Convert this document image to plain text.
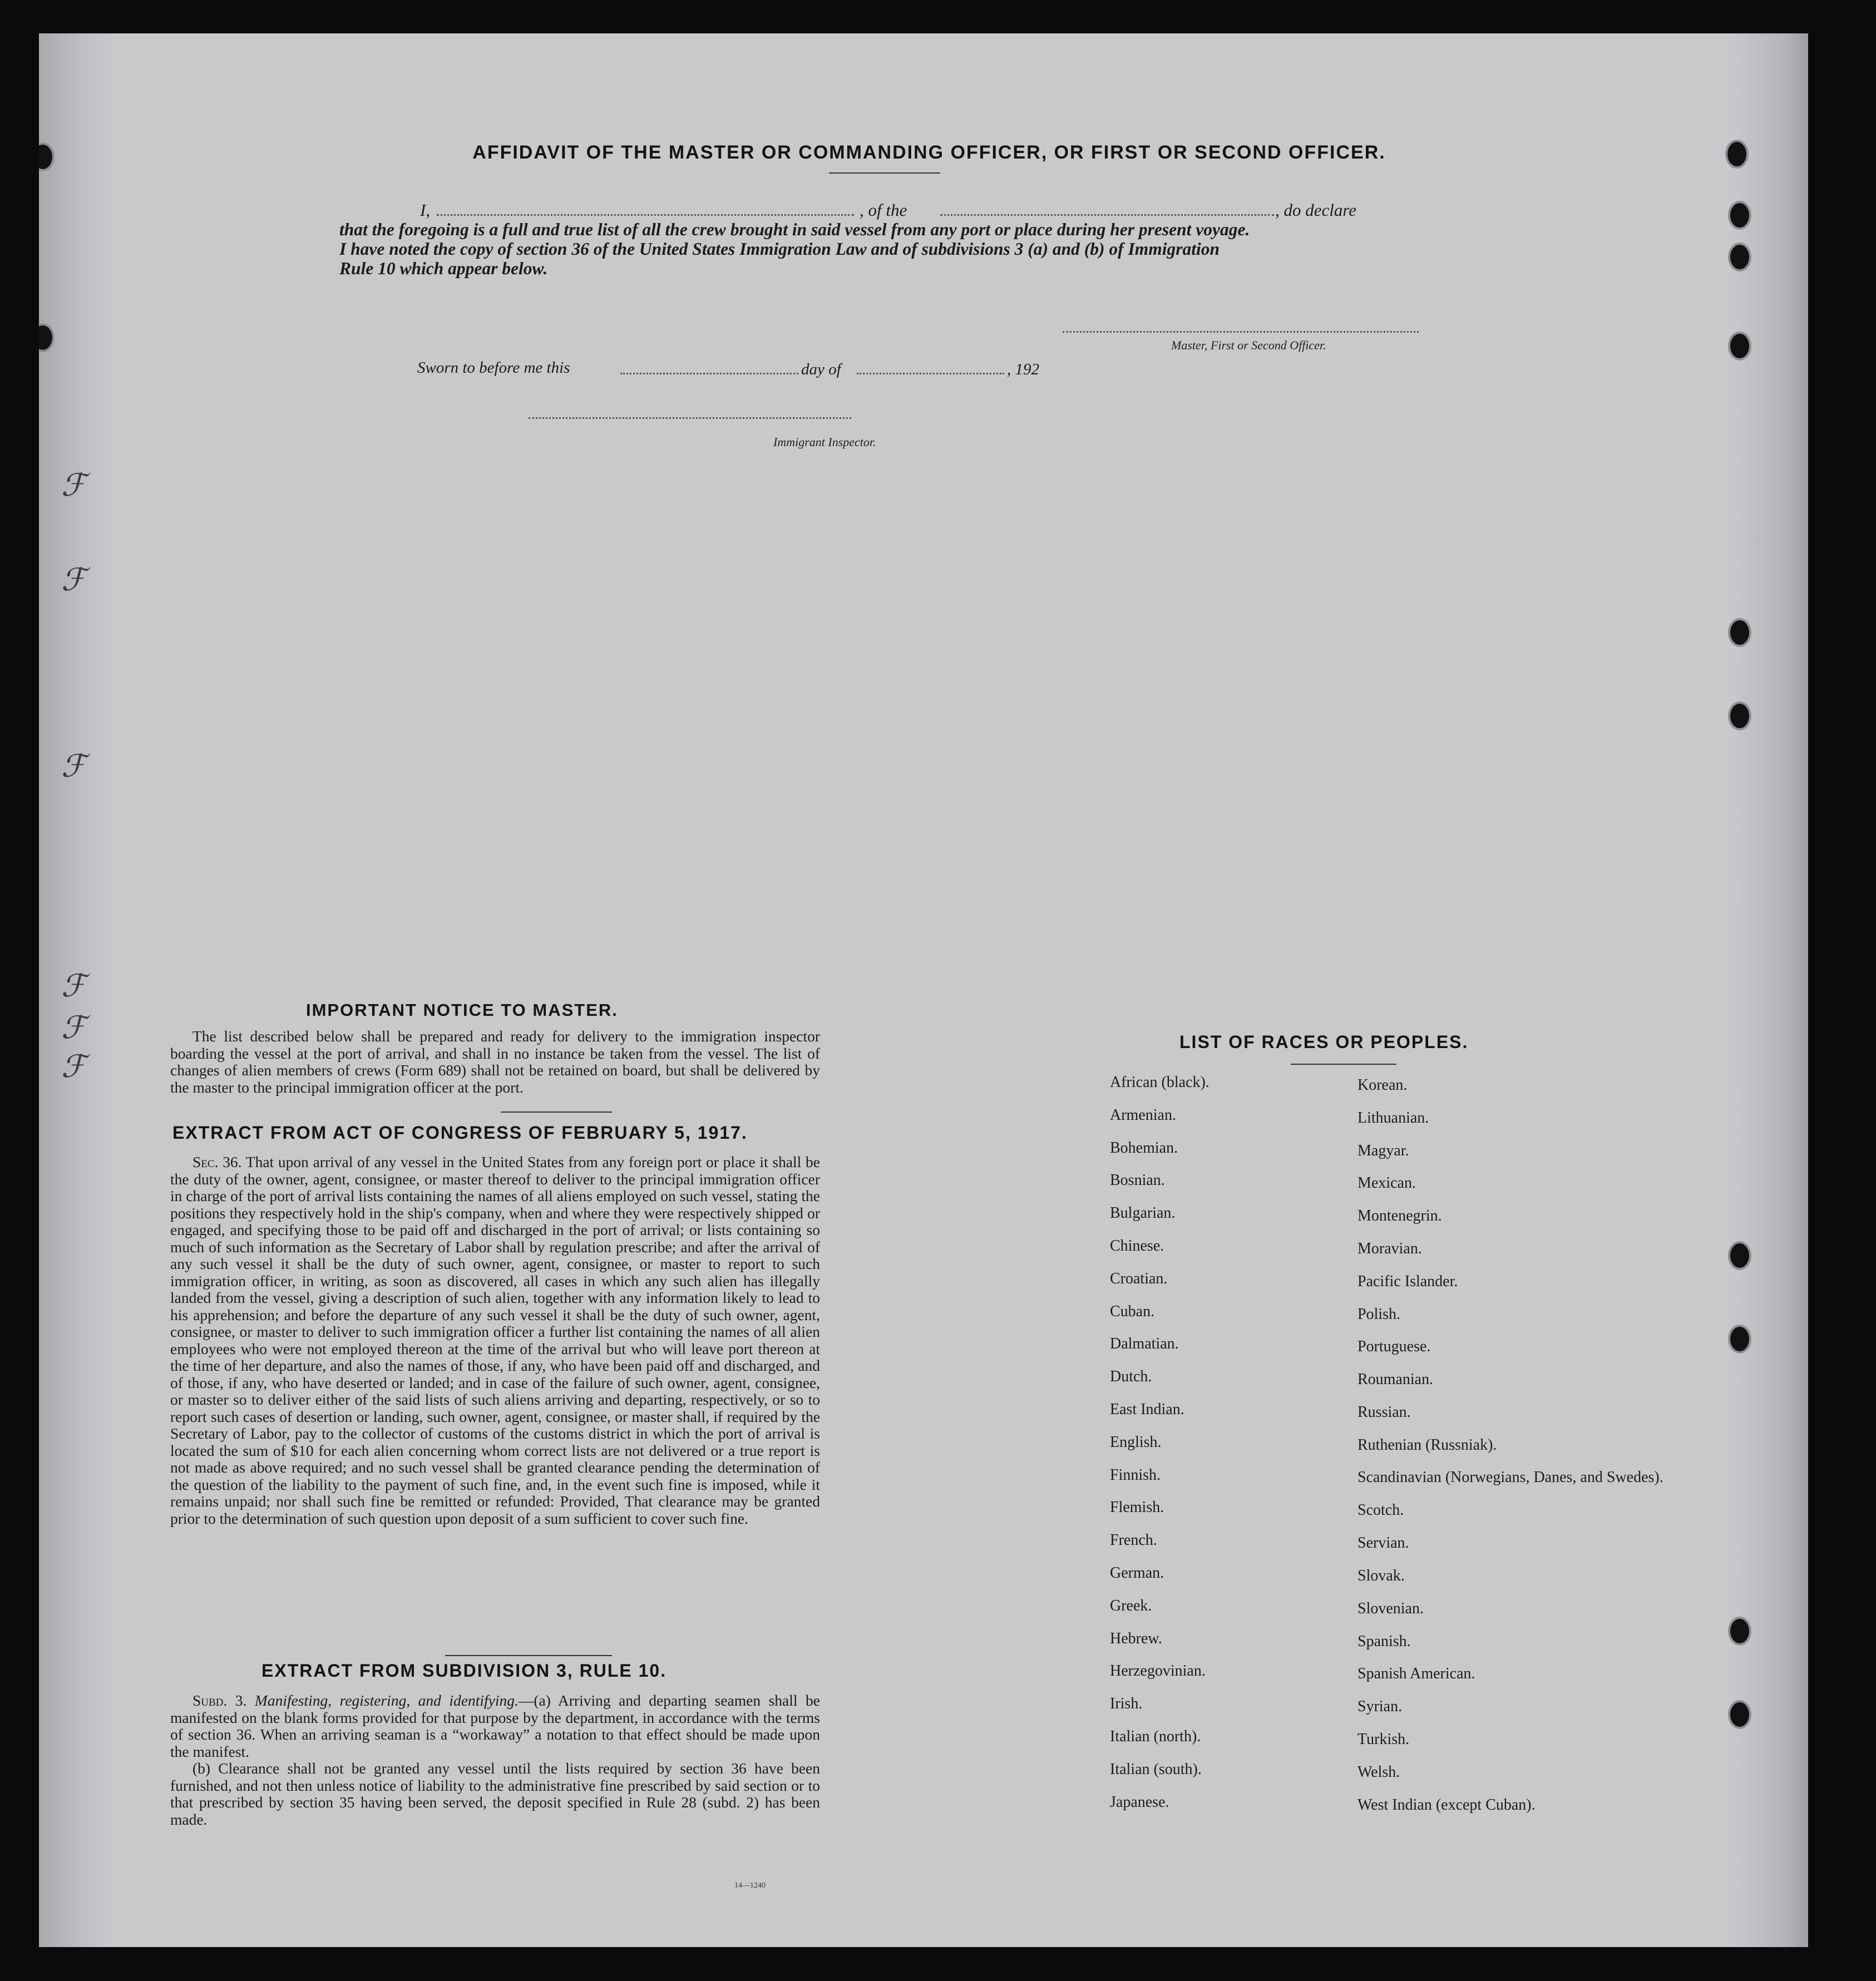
ℱ
ℱ
ℱ
ℱ
ℱ
ℱ
AFFIDAVIT OF THE MASTER OR COMMANDING OFFICER, OR FIRST OR SECOND OFFICER.
I,	, of the	, do declare
that the foregoing is a full and true list of all the crew brought in said vessel from any port or place during her present voyage.
I have noted the copy of section 36 of the United States Immigration Law and of subdivisions 3 (a) and (b) of Immigration
Rule 10 which appear below.
Master, First or Second Officer.
Sworn to before me this	day of	, 192
Immigrant Inspector.
IMPORTANT NOTICE TO MASTER.

The list described below shall be prepared and ready for delivery to the immigration inspector boarding the vessel at the port of arrival, and shall in no instance be taken from the vessel. The list of changes of alien members of crews (Form 689) shall not be retained on board, but shall be delivered by the master to the principal immigration officer at the port.

EXTRACT FROM ACT OF CONGRESS OF FEBRUARY 5, 1917.

Sec. 36. That upon arrival of any vessel in the United States from any foreign port or place it shall be the duty of the owner, agent, consignee, or master thereof to deliver to the principal immigration officer in charge of the port of arrival lists containing the names of all aliens employed on such vessel, stating the positions they respectively hold in the ship's company, when and where they were respectively shipped or engaged, and specifying those to be paid off and discharged in the port of arrival; or lists containing so much of such information as the Secretary of Labor shall by regulation prescribe; and after the arrival of any such vessel it shall be the duty of such owner, agent, consignee, or master to report to such immigration officer, in writing, as soon as discovered, all cases in which any such alien has illegally landed from the vessel, giving a description of such alien, together with any information likely to lead to his apprehension; and before the departure of any such vessel it shall be the duty of such owner, agent, consignee, or master to deliver to such immigration officer a further list containing the names of all alien employees who were not employed thereon at the time of the arrival but who will leave port thereon at the time of her departure, and also the names of those, if any, who have been paid off and discharged, and of those, if any, who have deserted or landed; and in case of the failure of such owner, agent, consignee, or master so to deliver either of the said lists of such aliens arriving and departing, respectively, or so to report such cases of desertion or landing, such owner, agent, consignee, or master shall, if required by the Secretary of Labor, pay to the collector of customs of the customs district in which the port of arrival is located the sum of $10 for each alien concerning whom correct lists are not delivered or a true report is not made as above required; and no such vessel shall be granted clearance pending the determination of the question of the liability to the payment of such fine, and, in the event such fine is imposed, while it remains unpaid; nor shall such fine be remitted or refunded: Provided, That clearance may be granted prior to the determination of such question upon deposit of a sum sufficient to cover such fine.

EXTRACT FROM SUBDIVISION 3, RULE 10.

Subd. 3. Manifesting, registering, and identifying.—(a) Arriving and departing seamen shall be manifested on the blank forms provided for that purpose by the department, in accordance with the terms of section 36. When an arriving seaman is a “workaway” a notation to that effect should be made upon the manifest.

(b) Clearance shall not be granted any vessel until the lists required by section 36 have been furnished, and not then unless notice of liability to the administrative fine prescribed by said section or to that prescribed by section 35 having been served, the deposit specified in Rule 28 (subd. 2) has been made.

14—1240
LIST OF RACES OR PEOPLES.
African (black).
Armenian.
Bohemian.
Bosnian.
Bulgarian.
Chinese.
Croatian.
Cuban.
Dalmatian.
Dutch.
East Indian.
English.
Finnish.
Flemish.
French.
German.
Greek.
Hebrew.
Herzegovinian.
Irish.
Italian (north).
Italian (south).
Japanese.
Korean.
Lithuanian.
Magyar.
Mexican.
Montenegrin.
Moravian.
Pacific Islander.
Polish.
Portuguese.
Roumanian.
Russian.
Ruthenian (Russniak).
Scandinavian (Norwegians, Danes, and Swedes).
Scotch.
Servian.
Slovak.
Slovenian.
Spanish.
Spanish American.
Syrian.
Turkish.
Welsh.
West Indian (except Cuban).
